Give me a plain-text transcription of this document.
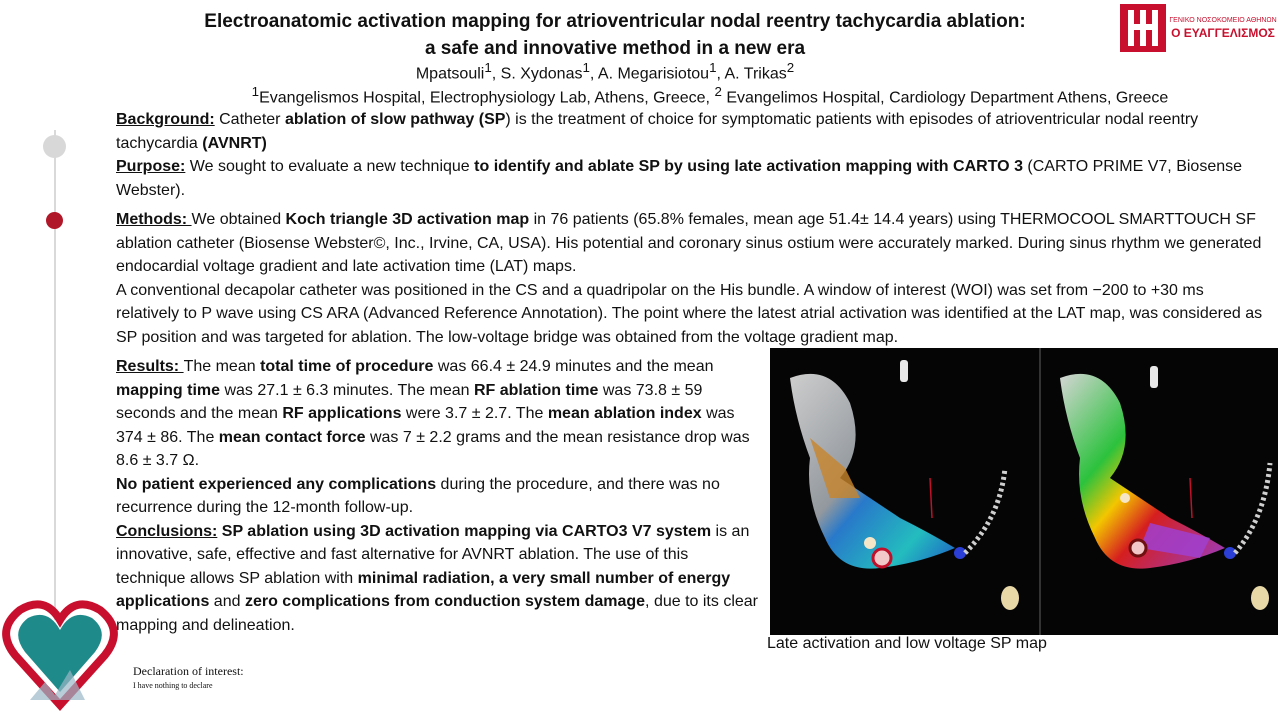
ΓΕΝΙΚΟ ΝΟΣΟΚΟΜΕΙΟ ΑΘΗΝΩΝ
Ο ΕΥΑΓΓΕΛΙΣΜΟΣ
Electroanatomic activation mapping for atrioventricular nodal reentry tachycardia ablation:
a safe and innovative method in a new era
Mpatsouli$^1$, S. Xydonas$^1$, A. Megarisiotou$^1$, A. Trikas$^2$
$^1$Evangelismos Hospital, Electrophysiology Lab, Athens, Greece, $^2$ Evangelimos Hospital, Cardiology Department Athens, Greece
Background: Catheter ablation of slow pathway (SP) is the treatment of choice for symptomatic patients with episodes of atrioventricular nodal reentry tachycardia (AVNRT)
Purpose: We sought to evaluate a new technique to identify and ablate SP by using late activation mapping with CARTO 3 (CARTO PRIME V7, Biosense Webster).
Methods: We obtained Koch triangle 3D activation map in 76 patients (65.8% females, mean age 51.4± 14.4 years) using THERMOCOOL SMARTTOUCH SF ablation catheter (Biosense Webster©, Inc., Irvine, CA, USA). His potential and coronary sinus ostium were accurately marked. During sinus rhythm we generated endocardial voltage gradient and late activation time (LAT) maps.
A conventional decapolar catheter was positioned in the CS and a quadripolar on the His bundle. A window of interest (WOI) was set from −200 to +30 ms relatively to P wave using CS ARA (Advanced Reference Annotation). The point where the latest atrial activation was identified at the LAT map, was considered as SP position and was targeted for ablation. The low-voltage bridge was obtained from the voltage gradient map.
Results: The mean total time of procedure was 66.4 ± 24.9 minutes and the mean mapping time was 27.1 ± 6.3 minutes. The mean RF ablation time was 73.8 ± 59 seconds and the mean RF applications were 3.7 ± 2.7. The mean ablation index was 374 ± 86. The mean contact force was 7 ± 2.2 grams and the mean resistance drop was 8.6 ± 3.7 Ω.
No patient experienced any complications during the procedure, and there was no recurrence during the 12-month follow-up.
Conclusions: SP ablation using 3D activation mapping via CARTO3 V7 system is an innovative, safe, effective and fast alternative for AVNRT ablation. The use of this technique allows SP ablation with minimal radiation, a very small number of energy applications and zero complications from conduction system damage, due to its clear mapping and delineation.
Late activation and low voltage SP map
Declaration of interest:
I have nothing to declare
